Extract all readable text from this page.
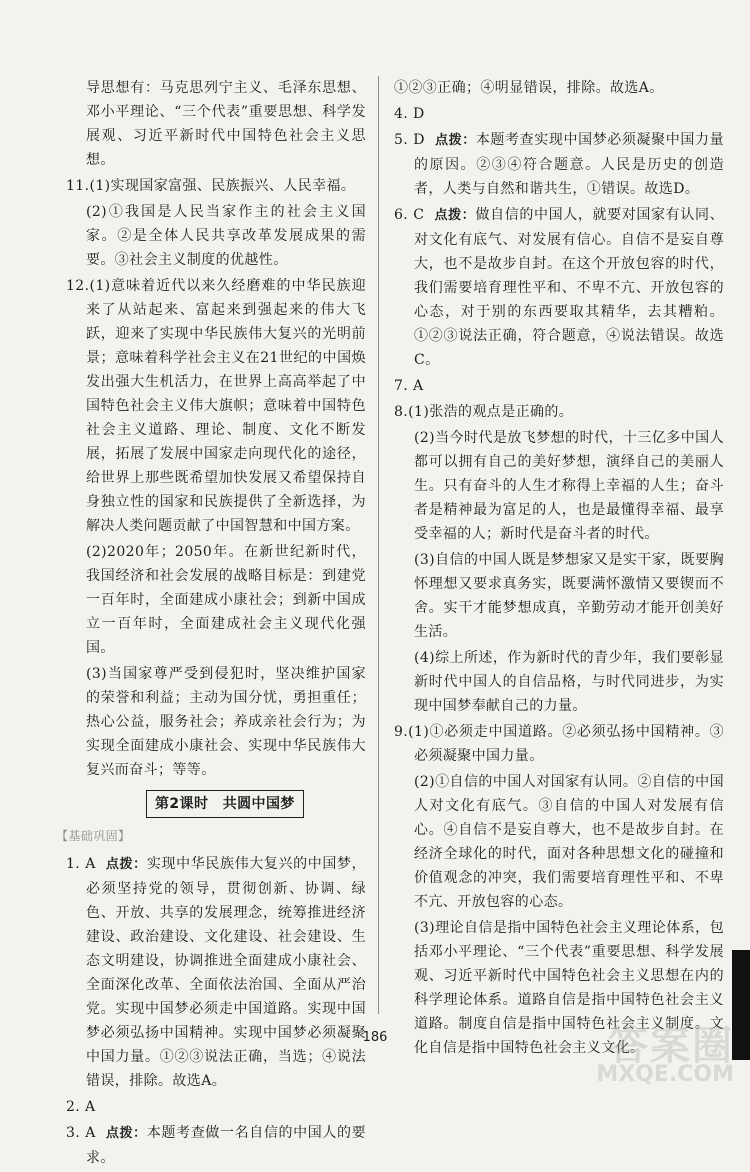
导思想有：马克思列宁主义、毛泽东思想、邓小平理论、“三个代表”重要思想、科学发展观、习近平新时代中国特色社会主义思想。

11.(1)实现国家富强、民族振兴、人民幸福。

(2)①我国是人民当家作主的社会主义国家。②是全体人民共享改革发展成果的需要。③社会主义制度的优越性。

12.(1)意味着近代以来久经磨难的中华民族迎来了从站起来、富起来到强起来的伟大飞跃，迎来了实现中华民族伟大复兴的光明前景；意味着科学社会主义在21世纪的中国焕发出强大生机活力，在世界上高高举起了中国特色社会主义伟大旗帜；意味着中国特色社会主义道路、理论、制度、文化不断发展，拓展了发展中国家走向现代化的途径，给世界上那些既希望加快发展又希望保持自身独立性的国家和民族提供了全新选择，为解决人类问题贡献了中国智慧和中国方案。

(2)2020年；2050年。在新世纪新时代，我国经济和社会发展的战略目标是：到建党一百年时，全面建成小康社会；到新中国成立一百年时，全面建成社会主义现代化强国。

(3)当国家尊严受到侵犯时，坚决维护国家的荣誉和利益；主动为国分忧，勇担重任；热心公益，服务社会；养成亲社会行为；为实现全面建成小康社会、实现中华民族伟大复兴而奋斗；等等。

第2课时　共圆中国梦
【基础巩固】

1. A 点拨：实现中华民族伟大复兴的中国梦，必须坚持党的领导，贯彻创新、协调、绿色、开放、共享的发展理念，统筹推进经济建设、政治建设、文化建设、社会建设、生态文明建设，协调推进全面建成小康社会、全面深化改革、全面依法治国、全面从严治党。实现中国梦必须走中国道路。实现中国梦必须弘扬中国精神。实现中国梦必须凝聚中国力量。①②③说法正确，当选；④说法错误，排除。故选A。

2. A

3. A 点拨：本题考查做一名自信的中国人的要求。

①②③正确；④明显错误，排除。故选A。

4. D

5. D 点拨：本题考查实现中国梦必须凝聚中国力量的原因。②③④符合题意。人民是历史的创造者，人类与自然和谐共生，①错误。故选D。

6. C 点拨：做自信的中国人，就要对国家有认同、对文化有底气、对发展有信心。自信不是妄自尊大，也不是故步自封。在这个开放包容的时代，我们需要培育理性平和、不卑不亢、开放包容的心态，对于别的东西要取其精华，去其糟粕。①②③说法正确，符合题意，④说法错误。故选C。

7. A

8.(1)张浩的观点是正确的。

(2)当今时代是放飞梦想的时代，十三亿多中国人都可以拥有自己的美好梦想，演绎自己的美丽人生。只有奋斗的人生才称得上幸福的人生；奋斗者是精神最为富足的人，也是最懂得幸福、最享受幸福的人；新时代是奋斗者的时代。

(3)自信的中国人既是梦想家又是实干家，既要胸怀理想又要求真务实，既要满怀激情又要锲而不舍。实干才能梦想成真，辛勤劳动才能开创美好生活。

(4)综上所述，作为新时代的青少年，我们要彰显新时代中国人的自信品格，与时代同进步，为实现中国梦奉献自己的力量。

9.(1)①必须走中国道路。②必须弘扬中国精神。③必须凝聚中国力量。

(2)①自信的中国人对国家有认同。②自信的中国人对文化有底气。③自信的中国人对发展有信心。④自信不是妄自尊大，也不是故步自封。在经济全球化的时代，面对各种思想文化的碰撞和价值观念的冲突，我们需要培育理性平和、不卑不亢、开放包容的心态。

(3)理论自信是指中国特色社会主义理论体系，包括邓小平理论、“三个代表”重要思想、科学发展观、习近平新时代中国特色社会主义思想在内的科学理论体系。道路自信是指中国特色社会主义道路。制度自信是指中国特色社会主义制度。文化自信是指中国特色社会主义文化。

186	答案圈
MXQE.COM
